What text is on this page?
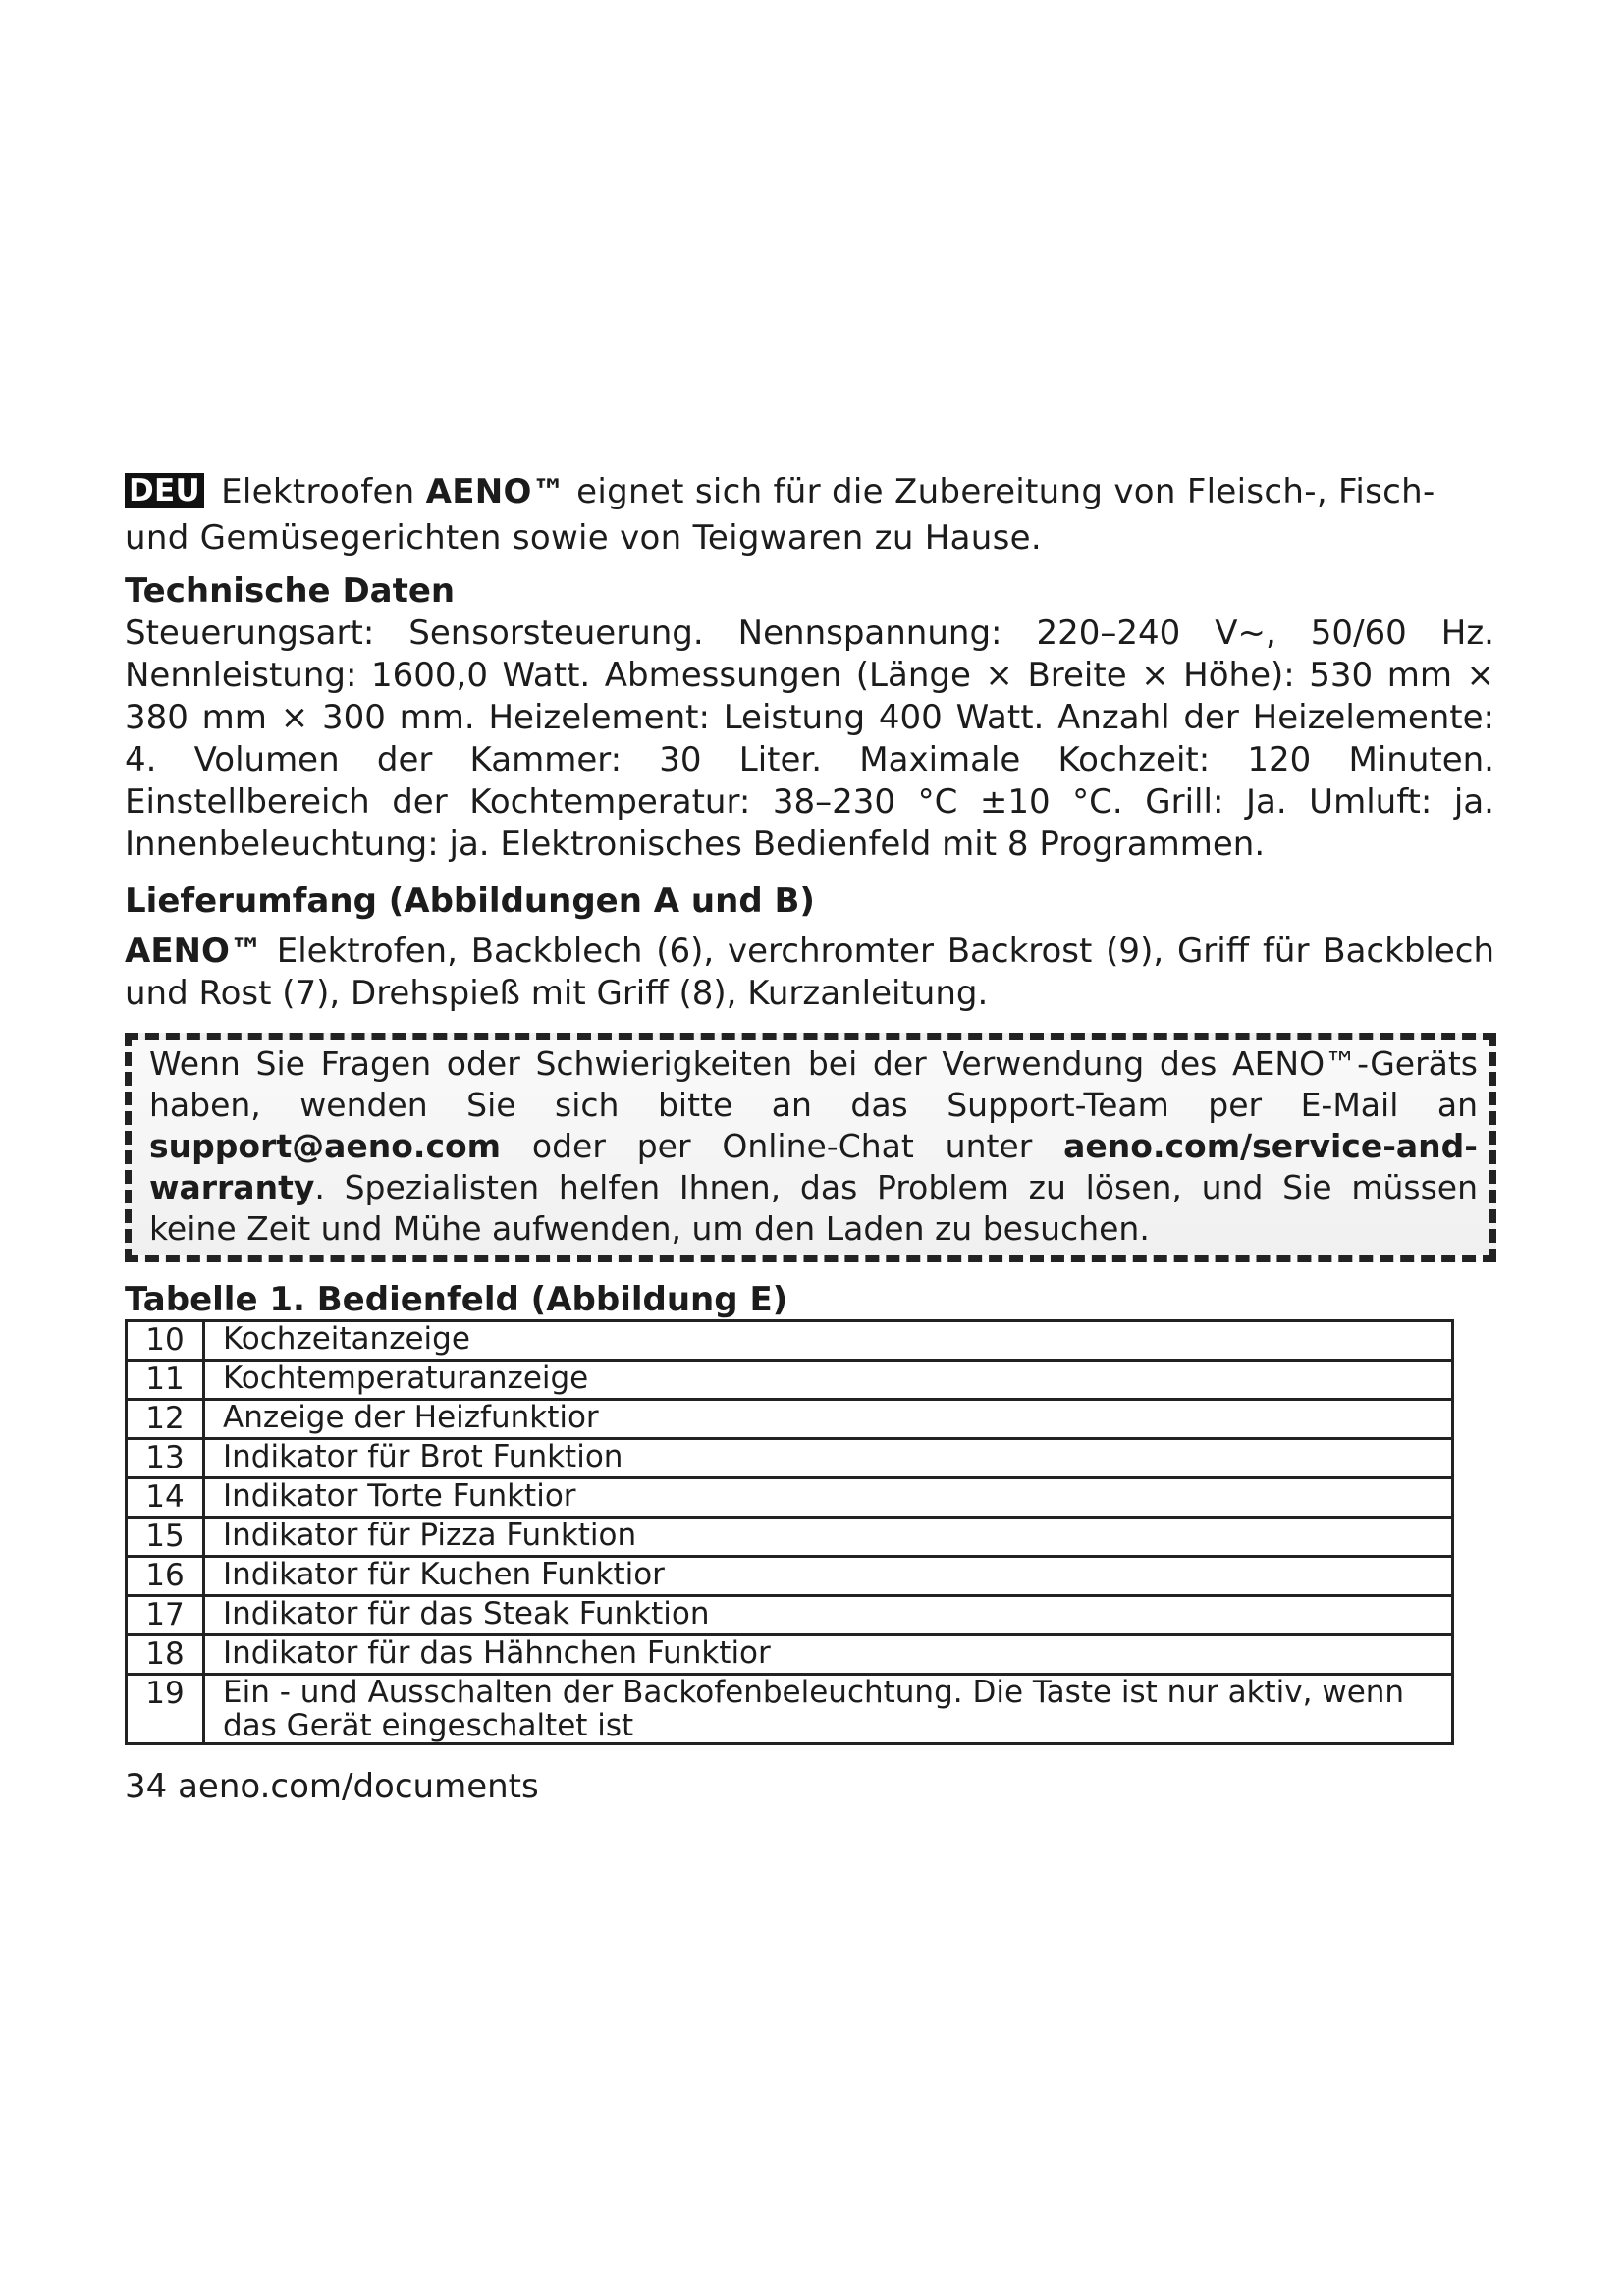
DEU Elektroofen AENO™ eignet sich für die Zubereitung von Fleisch-, Fisch- und Gemüsegerichten sowie von Teigwaren zu Hause.

Technische Daten

Steuerungsart: Sensorsteuerung. Nennspannung: 220–240 V~, 50/60 Hz. Nennleistung: 1600,0 Watt. Abmessungen (Länge × Breite × Höhe): 530 mm × 380 mm × 300 mm. Heizelement: Leistung 400 Watt. Anzahl der Heizelemente: 4. Volumen der Kammer: 30 Liter. Maximale Kochzeit: 120 Minuten. Einstellbereich der Kochtemperatur: 38–230 °C ±10 °C. Grill: Ja. Umluft: ja. Innenbeleuchtung: ja. Elektronisches Bedienfeld mit 8 Programmen.

Lieferumfang (Abbildungen A und B)

AENO™ Elektrofen, Backblech (6), verchromter Backrost (9), Griff für Backblech und Rost (7), Drehspieß mit Griff (8), Kurzanleitung.

Wenn Sie Fragen oder Schwierigkeiten bei der Verwendung des AENO™-Geräts haben, wenden Sie sich bitte an das Support-Team per E-Mail an support@aeno.com oder per Online-Chat unter aeno.com/service-and-warranty. Spezialisten helfen Ihnen, das Problem zu lösen, und Sie müssen keine Zeit und Mühe aufwenden, um den Laden zu besuchen.

Tabelle 1. Bedienfeld (Abbildung E)
10	Kochzeitanzeige
11	Kochtemperaturanzeige
12	Anzeige der Heizfunktior
13	Indikator für Brot Funktion
14	Indikator Torte Funktior
15	Indikator für Pizza Funktion
16	Indikator für Kuchen Funktior
17	Indikator für das Steak Funktion
18	Indikator für das Hähnchen Funktior
19	Ein - und Ausschalten der Backofenbeleuchtung. Die Taste ist nur aktiv, wenn das Gerät eingeschaltet ist
34 aeno.com/documents
